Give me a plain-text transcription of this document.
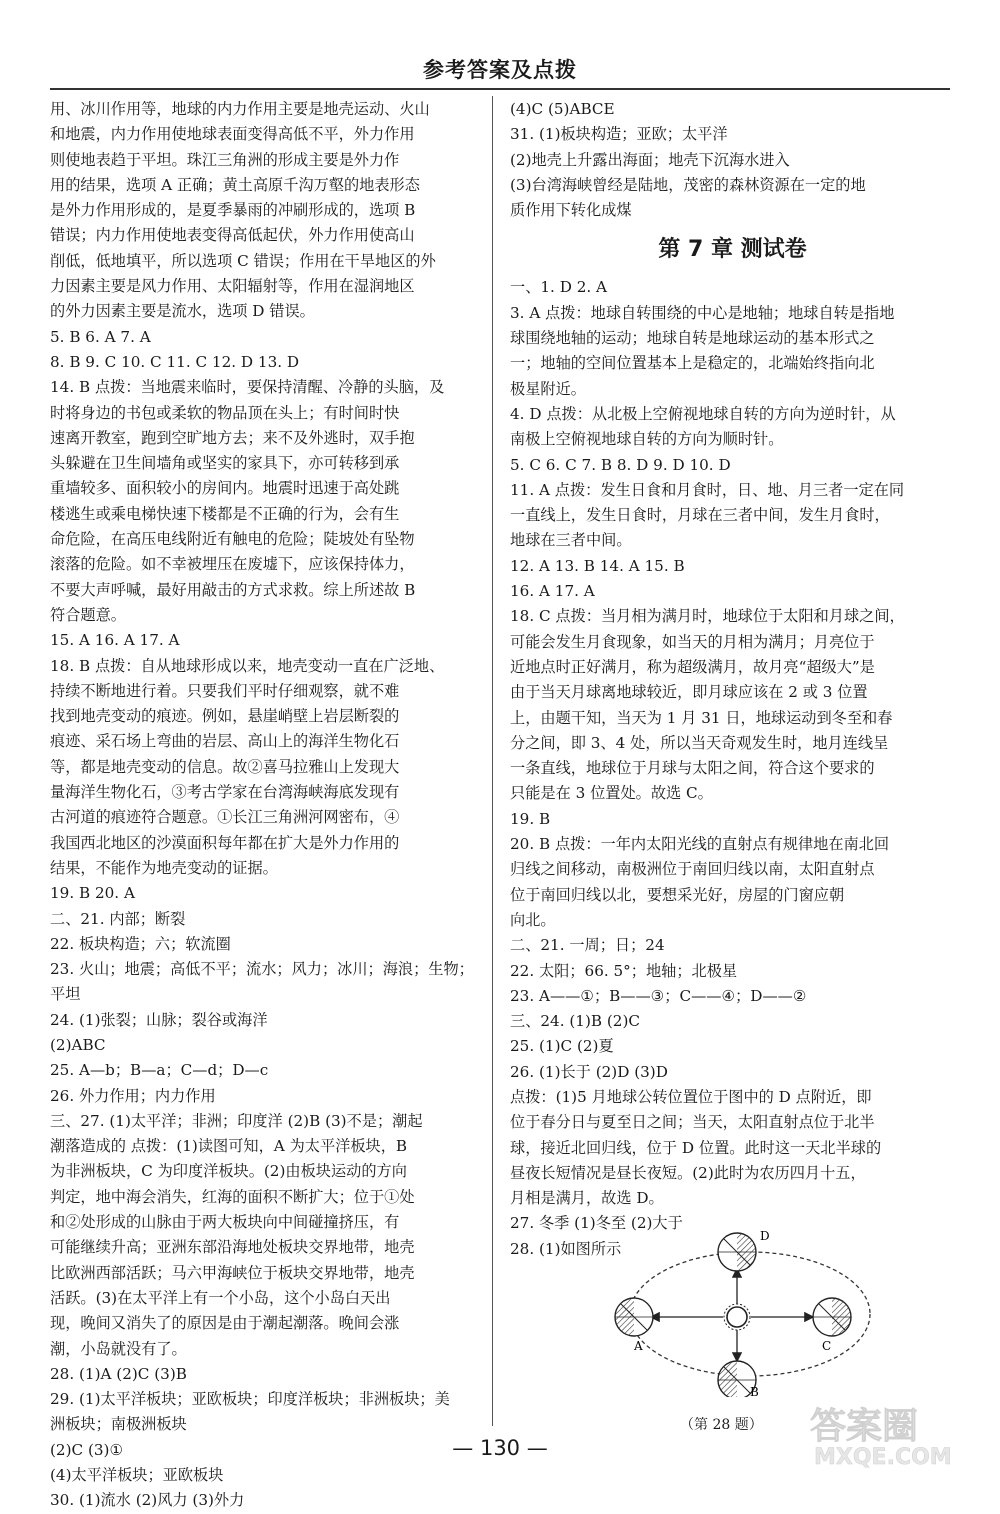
参考答案及点拨
用、冰川作用等，地球的内力作用主要是地壳运动、火山
和地震，内力作用使地球表面变得高低不平，外力作用
则使地表趋于平坦。珠江三角洲的形成主要是外力作
用的结果，选项 A 正确；黄土高原千沟万壑的地表形态
是外力作用形成的，是夏季暴雨的冲刷形成的，选项 B
错误；内力作用使地表变得高低起伏，外力作用使高山
削低，低地填平，所以选项 C 错误；作用在干旱地区的外
力因素主要是风力作用、太阳辐射等，作用在湿润地区
的外力因素主要是流水，选项 D 错误。
5. B 6. A 7. A
8. B 9. C 10. C 11. C 12. D 13. D
14. B 点拨：当地震来临时，要保持清醒、冷静的头脑，及
时将身边的书包或柔软的物品顶在头上；有时间时快
速离开教室，跑到空旷地方去；来不及外逃时，双手抱
头躲避在卫生间墙角或坚实的家具下，亦可转移到承
重墙较多、面积较小的房间内。地震时迅速于高处跳
楼逃生或乘电梯快速下楼都是不正确的行为，会有生
命危险，在高压电线附近有触电的危险；陡坡处有坠物
滚落的危险。如不幸被埋压在废墟下，应该保持体力，
不要大声呼喊，最好用敲击的方式求救。综上所述故 B
符合题意。
15. A 16. A 17. A
18. B 点拨：自从地球形成以来，地壳变动一直在广泛地、
持续不断地进行着。只要我们平时仔细观察，就不难
找到地壳变动的痕迹。例如，悬崖峭壁上岩层断裂的
痕迹、采石场上弯曲的岩层、高山上的海洋生物化石
等，都是地壳变动的信息。故②喜马拉雅山上发现大
量海洋生物化石，③考古学家在台湾海峡海底发现有
古河道的痕迹符合题意。①长江三角洲河网密布，④
我国西北地区的沙漠面积每年都在扩大是外力作用的
结果，不能作为地壳变动的证据。
19. B 20. A
二、21. 内部；断裂
22. 板块构造；六；软流圈
23. 火山；地震；高低不平；流水；风力；冰川；海浪；生物；
平坦
24. (1)张裂；山脉；裂谷或海洋
(2)ABC
25. A—b；B—a；C—d；D—c
26. 外力作用；内力作用
三、27. (1)太平洋；非洲；印度洋 (2)B (3)不是；潮起
潮落造成的 点拨：(1)读图可知，A 为太平洋板块，B
为非洲板块，C 为印度洋板块。(2)由板块运动的方向
判定，地中海会消失，红海的面积不断扩大；位于①处
和②处形成的山脉由于两大板块向中间碰撞挤压，有
可能继续升高；亚洲东部沿海地处板块交界地带，地壳
比欧洲西部活跃；马六甲海峡位于板块交界地带，地壳
活跃。(3)在太平洋上有一个小岛，这个小岛白天出
现，晚间又消失了的原因是由于潮起潮落。晚间会涨
潮，小岛就没有了。
28. (1)A (2)C (3)B
29. (1)太平洋板块；亚欧板块；印度洋板块；非洲板块；美
洲板块；南极洲板块
(2)C (3)①
(4)太平洋板块；亚欧板块
30. (1)流水 (2)风力 (3)外力
(4)C (5)ABCE
31. (1)板块构造；亚欧；太平洋
(2)地壳上升露出海面；地壳下沉海水进入
(3)台湾海峡曾经是陆地，茂密的森林资源在一定的地
质作用下转化成煤
第 7 章 测试卷
一、1. D 2. A
3. A 点拨：地球自转围绕的中心是地轴；地球自转是指地
球围绕地轴的运动；地球自转是地球运动的基本形式之
一；地轴的空间位置基本上是稳定的，北端始终指向北
极星附近。
4. D 点拨：从北极上空俯视地球自转的方向为逆时针，从
南极上空俯视地球自转的方向为顺时针。
5. C 6. C 7. B 8. D 9. D 10. D
11. A 点拨：发生日食和月食时，日、地、月三者一定在同
一直线上，发生日食时，月球在三者中间，发生月食时，
地球在三者中间。
12. A 13. B 14. A 15. B
16. A 17. A
18. C 点拨：当月相为满月时，地球位于太阳和月球之间，
可能会发生月食现象，如当天的月相为满月；月亮位于
近地点时正好满月，称为超级满月，故月亮“超级大”是
由于当天月球离地球较近，即月球应该在 2 或 3 位置
上，由题干知，当天为 1 月 31 日，地球运动到冬至和春
分之间，即 3、4 处，所以当天奇观发生时，地月连线呈
一条直线，地球位于月球与太阳之间，符合这个要求的
只能是在 3 位置处。故选 C。
19. B
20. B 点拨：一年内太阳光线的直射点有规律地在南北回
归线之间移动，南极洲位于南回归线以南，太阳直射点
位于南回归线以北，要想采光好，房屋的门窗应朝
向北。
二、21. 一周；日；24
22. 太阳；66. 5°；地轴；北极星
23. A——①；B——③；C——④；D——②
三、24. (1)B (2)C
25. (1)C (2)夏
26. (1)长于 (2)D (3)D
点拨：(1)5 月地球公转位置位于图中的 D 点附近，即
位于春分日与夏至日之间；当天，太阳直射点位于北半
球，接近北回归线，位于 D 位置。此时这一天北半球的
昼夜长短情况是昼长夜短。(2)此时为农历四月十五，
月相是满月，故选 D。
27. 冬季 (1)冬至 (2)大于
28. (1)如图所示
D
B
A	C
（第 28 题）
— 130 —
答案圈
MXQE.COM
